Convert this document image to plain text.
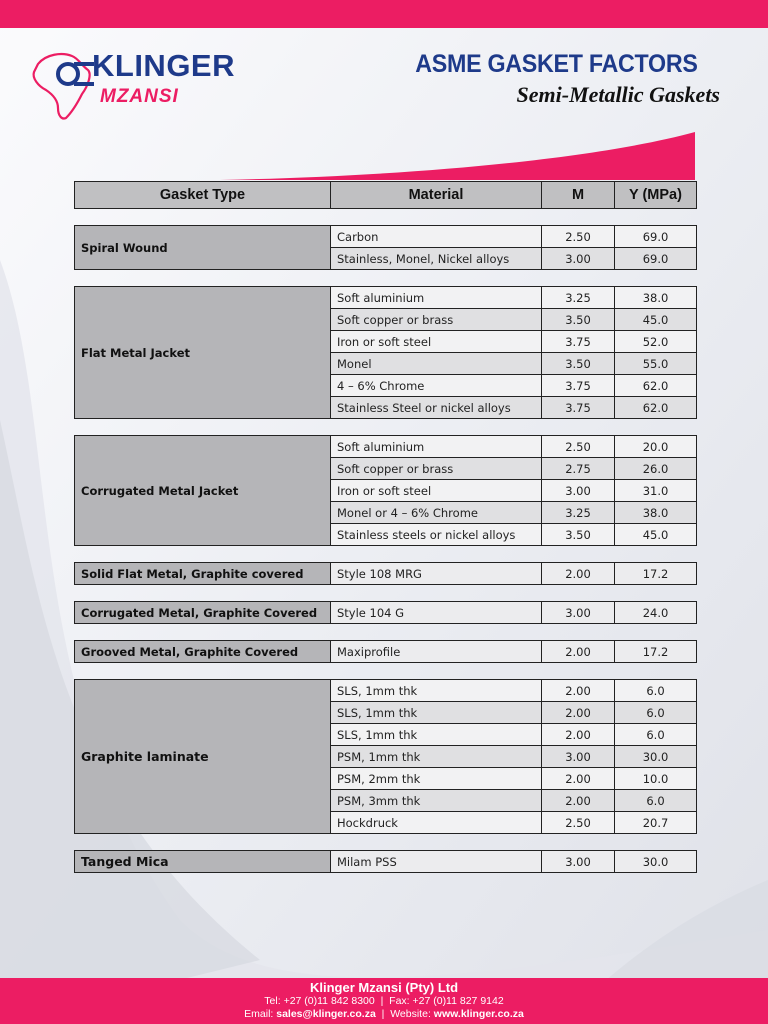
KLINGER
MZANSI
ASME GASKET FACTORS
Semi-Metallic Gaskets
Gasket Type	Material	M	Y (MPa)
Spiral Wound	Carbon	2.50	69.0
	Stainless, Monel, Nickel alloys	3.00	69.0
Flat Metal Jacket	Soft aluminium	3.25	38.0
	Soft copper or brass	3.50	45.0
	Iron or soft steel	3.75	52.0
	Monel	3.50	55.0
	4 – 6% Chrome	3.75	62.0
	Stainless Steel or nickel alloys	3.75	62.0
Corrugated Metal Jacket	Soft aluminium	2.50	20.0
	Soft copper or brass	2.75	26.0
	Iron or soft steel	3.00	31.0
	Monel or 4 – 6% Chrome	3.25	38.0
	Stainless steels or nickel alloys	3.50	45.0
Solid Flat Metal, Graphite covered	Style 108 MRG	2.00	17.2
Corrugated Metal, Graphite Covered	Style 104 G	3.00	24.0
Grooved Metal, Graphite Covered	Maxiprofile	2.00	17.2
Graphite laminate	SLS, 1mm thk	2.00	6.0
	SLS, 1mm thk	2.00	6.0
	SLS, 1mm thk	2.00	6.0
	PSM, 1mm thk	3.00	30.0
	PSM, 2mm thk	2.00	10.0
	PSM, 3mm thk	2.00	6.0
	Hockdruck	2.50	20.7
Tanged Mica	Milam PSS	3.00	30.0
Klinger Mzansi (Pty) Ltd
Tel: +27 (0)11 842 8300  |  Fax: +27 (0)11 827 9142
Email: sales@klinger.co.za  |  Website: www.klinger.co.za
